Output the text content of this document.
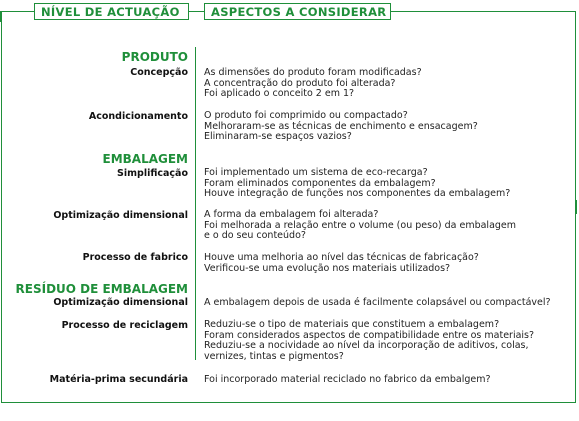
NÍVEL DE ACTUAÇÃO	ASPECTOS A CONSIDERAR
PRODUTO
Concepção As dimensões do produto foram modificadas?
A concentração do produto foi alterada?
Foi aplicado o conceito 2 em 1?
Acondicionamento O produto foi comprimido ou compactado?
Melhoraram-se as técnicas de enchimento e ensacagem?
Eliminaram-se espaços vazios?
EMBALAGEM
Simplificação Foi implementado um sistema de eco-recarga?
Foram eliminados componentes da embalagem?
Houve integração de funções nos componentes da embalagem?
Optimização dimensional A forma da embalagem foi alterada?
Foi melhorada a relação entre o volume (ou peso) da embalagem
e o do seu conteúdo?
Processo de fabrico Houve uma melhoria ao nível das técnicas de fabricação?
Verificou-se uma evolução nos materiais utilizados?
RESÍDUO DE EMBALAGEM
Optimização dimensional A embalagem depois de usada é facilmente colapsável ou compactável?
Processo de reciclagem Reduziu-se o tipo de materiais que constituem a embalagem?
Foram considerados aspectos de compatibilidade entre os materiais?
Reduziu-se a nocividade ao nível da incorporação de aditivos, colas,
vernizes, tintas e pigmentos?
Matéria-prima secundária Foi incorporado material reciclado no fabrico da embalgem?
